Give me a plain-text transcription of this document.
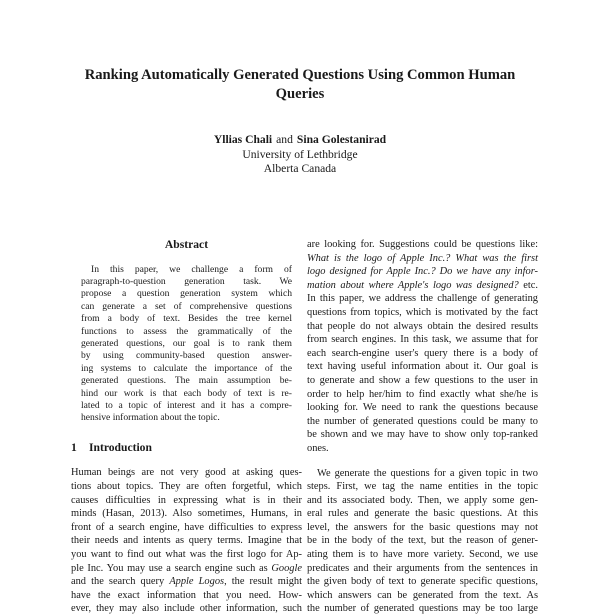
Ranking Automatically Generated Questions Using Common Human
Queries
Yllias Chali and Sina Golestanirad
University of Lethbridge
Alberta Canada
Abstract
In this paper, we challenge a form of
paragraph-to-question generation task. We
propose a question generation system which
can generate a set of comprehensive questions
from a body of text. Besides the tree kernel
functions to assess the grammatically of the
generated questions, our goal is to rank them
by using community-based question answer-
ing systems to calculate the importance of the
generated questions. The main assumption be-
hind our work is that each body of text is re-
lated to a topic of interest and it has a compre-
hensive information about the topic.
1 Introduction
Human beings are not very good at asking ques-
tions about topics. They are often forgetful, which
causes difficulties in expressing what is in their
minds (Hasan, 2013). Also sometimes, Humans, in
front of a search engine, have difficulties to express
their needs and intents as query terms. Imagine that
you want to find out what was the first logo for Ap-
ple Inc. You may use a search engine such as Google
and the search query Apple Logos, the result might
have the exact information that you need. How-
ever, they may also include other information, such
are looking for. Suggestions could be questions like:
What is the logo of Apple Inc.? What was the first
logo designed for Apple Inc.? Do we have any infor-
mation about where Apple's logo was designed? etc.
In this paper, we address the challenge of generating
questions from topics, which is motivated by the fact
that people do not always obtain the desired results
from search engines. In this task, we assume that for
each search-engine user's query there is a body of
text having useful information about it. Our goal is
to generate and show a few questions to the user in
order to help her/him to find exactly what she/he is
looking for. We need to rank the questions because
the number of generated questions could be many to
be shown and we may have to show only top-ranked
ones.
We generate the questions for a given topic in two
steps. First, we tag the name entities in the topic
and its associated body. Then, we apply some gen-
eral rules and generate the basic questions. At this
level, the answers for the basic questions may not
be in the body of the text, but the reason of gener-
ating them is to have more variety. Second, we use
predicates and their arguments from the sentences in
the given body of text to generate specific questions,
which answers can be generated from the text. As
the number of generated questions may be too large
